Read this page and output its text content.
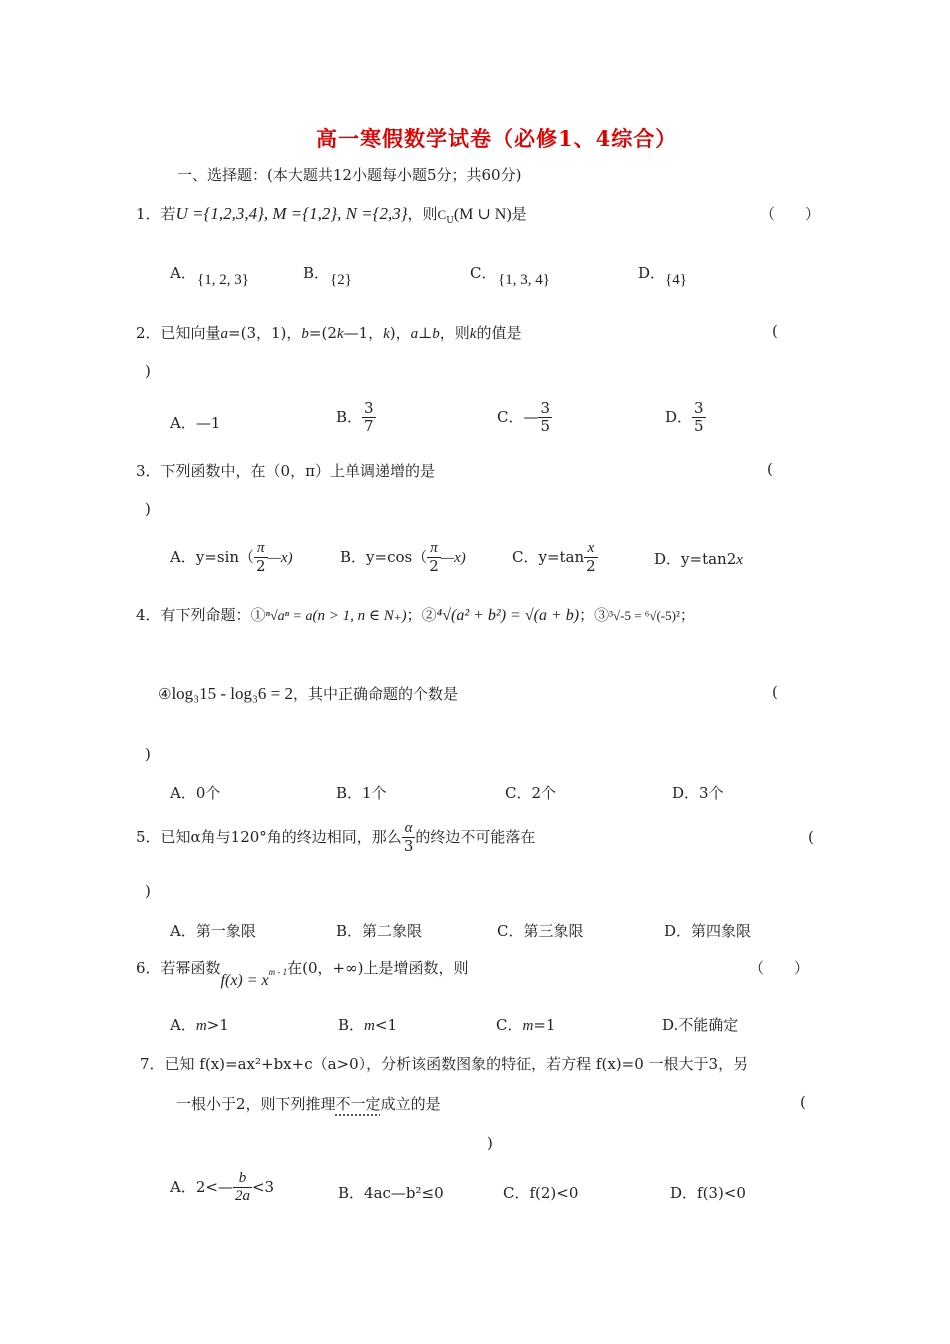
高一寒假数学试卷（必修1、4综合）
一、选择题：(本大题共12小题每小题5分；共60分)
1．若U ={1,2,3,4}, M ={1,2}, N ={2,3}，则$C_U(M$ ∪ N)是	（　　）
A． {1, 2, 3}	B． {2}	C． {1, 3, 4}	D． {4}
2．已知向量a=(3，1)，b=(2k—1，k)，a⊥b，则k的值是	(
)
A．—1	B． $\frac{3}{7}$	C．— $\frac{3}{5}$	D． $\frac{3}{5}$
3．下列函数中，在（0，π）上单调递增的是	(
)
A．$y=\sin( \frac{\pi}{2}$ —x)	B．$y=\cos( \frac{\pi}{2}$ —x)	C．$y=\tan \frac{x}{2}$	D．y=tan2x
4．有下列命题：①ⁿ√aⁿ = a(n > 1, n ∈ N₊)；②⁴√(a² + b²) = √(a + b)；③³√-5 = ⁶√(-5)²；
④log₃15 - log₃6 = 2，其中正确命题的个数是	(
)
A．0个	B．1个	C．2个	D．3个
5．已知α角与120°角的终边相同，那么 $\frac{\alpha}{3}$ 的终边不可能落在	(
)
A．第一象限	B．第二象限	C．第三象限	D．第四象限
6．若幂函数$f(x) = x^{m - 1}$在(0，+∞)上是增函数，则	（　　）
A．m>1	B．m<1	C．m=1	D.不能确定
7．已知 f(x)=ax²+bx+c（a>0），分析该函数图象的特征，若方程 f(x)=0 一根大于3，另
一根小于2，则下列推理不一定成立的是	(
)
A．2<— $\frac{b}{2a} <3$	B．4ac—b²≤0	C．f(2)<0	D．f(3)<0
